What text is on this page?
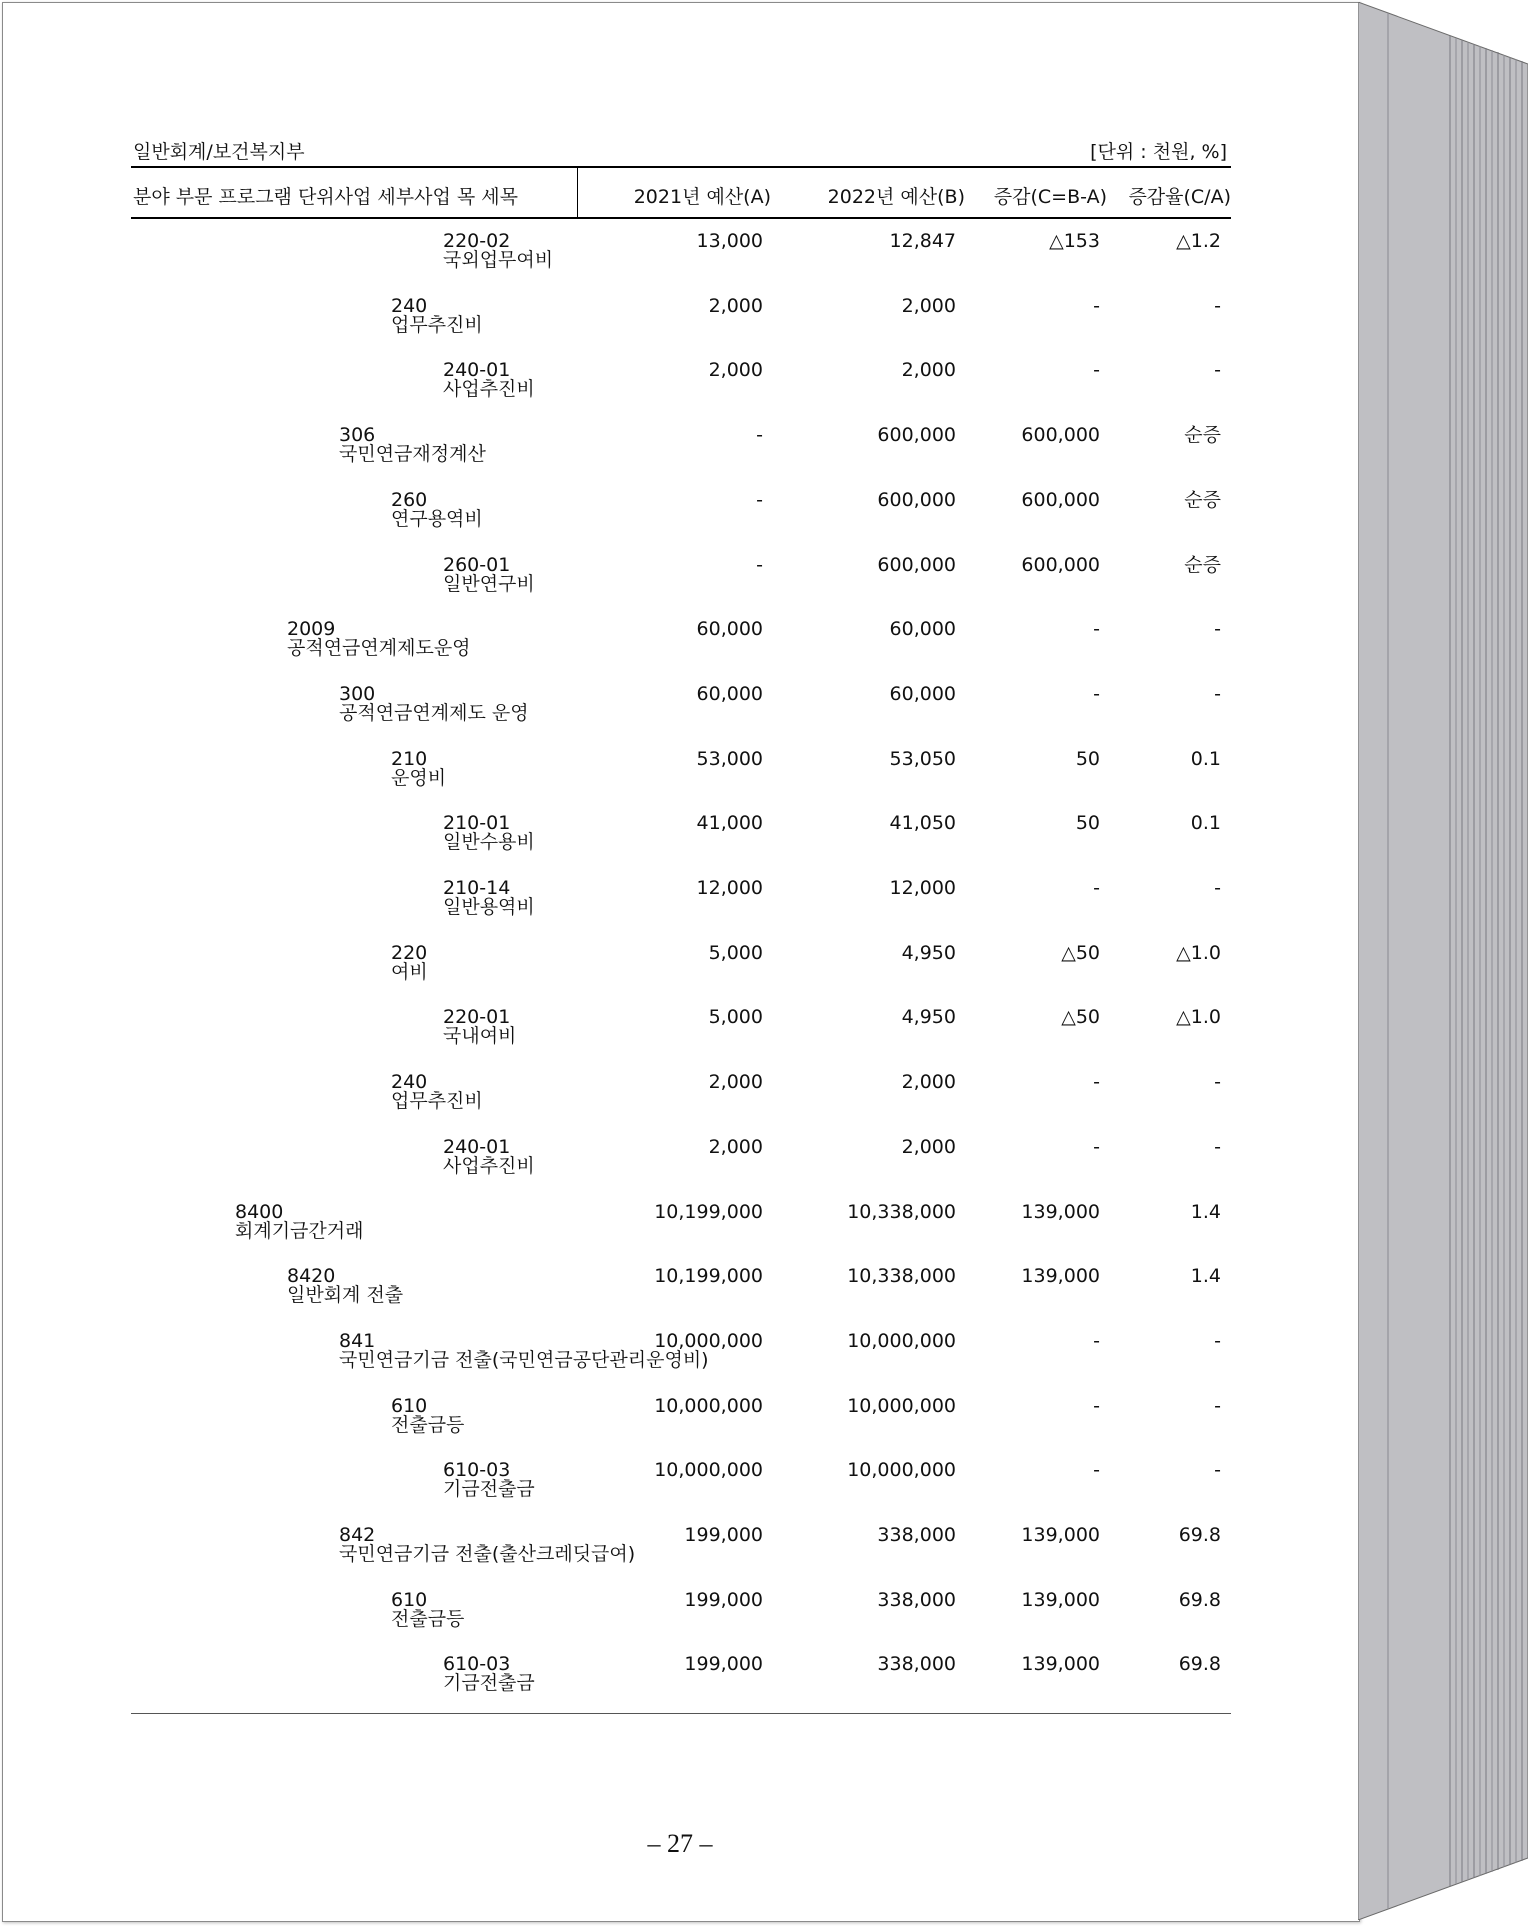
일반회계/보건복지부	[단위 : 천원, %]
분야 부문 프로그램 단위사업 세부사업 목 세목	2021년 예산(A)	2022년 예산(B)	증감(C=B-A)	증감율(C/A)
220-02
국외업무여비
13,000	12,847	△153	△1.2
240
업무추진비
2,000	2,000	-	-
240-01
사업추진비
2,000	2,000	-	-
306
국민연금재정계산
-	600,000	600,000	순증
260
연구용역비
-	600,000	600,000	순증
260-01
일반연구비
-	600,000	600,000	순증
2009
공적연금연계제도운영
60,000	60,000	-	-
300
공적연금연계제도 운영
60,000	60,000	-	-
210
운영비
53,000	53,050	50	0.1
210-01
일반수용비
41,000	41,050	50	0.1
210-14
일반용역비
12,000	12,000	-	-
220
여비
5,000	4,950	△50	△1.0
220-01
국내여비
5,000	4,950	△50	△1.0
240
업무추진비
2,000	2,000	-	-
240-01
사업추진비
2,000	2,000	-	-
8400
회계기금간거래
10,199,000	10,338,000	139,000	1.4
8420
일반회계 전출
10,199,000	10,338,000	139,000	1.4
841
국민연금기금 전출(국민연금공단관리운영비)
10,000,000	10,000,000	-	-
610
전출금등
10,000,000	10,000,000	-	-
610-03
기금전출금
10,000,000	10,000,000	-	-
842
국민연금기금 전출(출산크레딧급여)
199,000	338,000	139,000	69.8
610
전출금등
199,000	338,000	139,000	69.8
610-03
기금전출금
199,000	338,000	139,000	69.8
– 27 –
